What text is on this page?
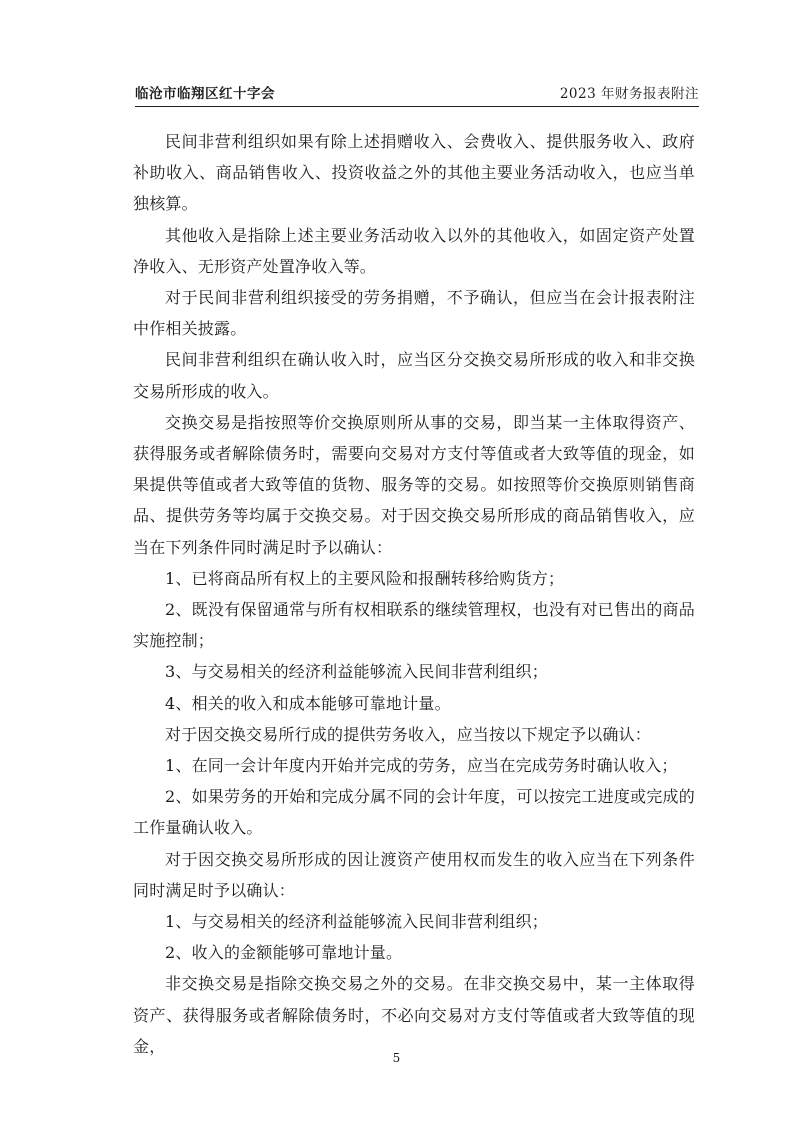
临沧市临翔区红十字会	2023 年财务报表附注

民间非营利组织如果有除上述捐赠收入、会费收入、提供服务收入、政府补助收入、商品销售收入、投资收益之外的其他主要业务活动收入，也应当单独核算。

其他收入是指除上述主要业务活动收入以外的其他收入，如固定资产处置净收入、无形资产处置净收入等。

对于民间非营利组织接受的劳务捐赠，不予确认，但应当在会计报表附注中作相关披露。

民间非营利组织在确认收入时，应当区分交换交易所形成的收入和非交换交易所形成的收入。

交换交易是指按照等价交换原则所从事的交易，即当某一主体取得资产、获得服务或者解除债务时，需要向交易对方支付等值或者大致等值的现金，如果提供等值或者大致等值的货物、服务等的交易。如按照等价交换原则销售商品、提供劳务等均属于交换交易。对于因交换交易所形成的商品销售收入，应当在下列条件同时满足时予以确认：

1、已将商品所有权上的主要风险和报酬转移给购货方；

2、既没有保留通常与所有权相联系的继续管理权，也没有对已售出的商品实施控制；

3、与交易相关的经济利益能够流入民间非营利组织；

4、相关的收入和成本能够可靠地计量。

对于因交换交易所行成的提供劳务收入，应当按以下规定予以确认：

1、在同一会计年度内开始并完成的劳务，应当在完成劳务时确认收入；

2、如果劳务的开始和完成分属不同的会计年度，可以按完工进度或完成的工作量确认收入。

对于因交换交易所形成的因让渡资产使用权而发生的收入应当在下列条件同时满足时予以确认：

1、与交易相关的经济利益能够流入民间非营利组织；

2、收入的金额能够可靠地计量。

非交换交易是指除交换交易之外的交易。在非交换交易中，某一主体取得资产、获得服务或者解除债务时，不必向交易对方支付等值或者大致等值的现金，

5
